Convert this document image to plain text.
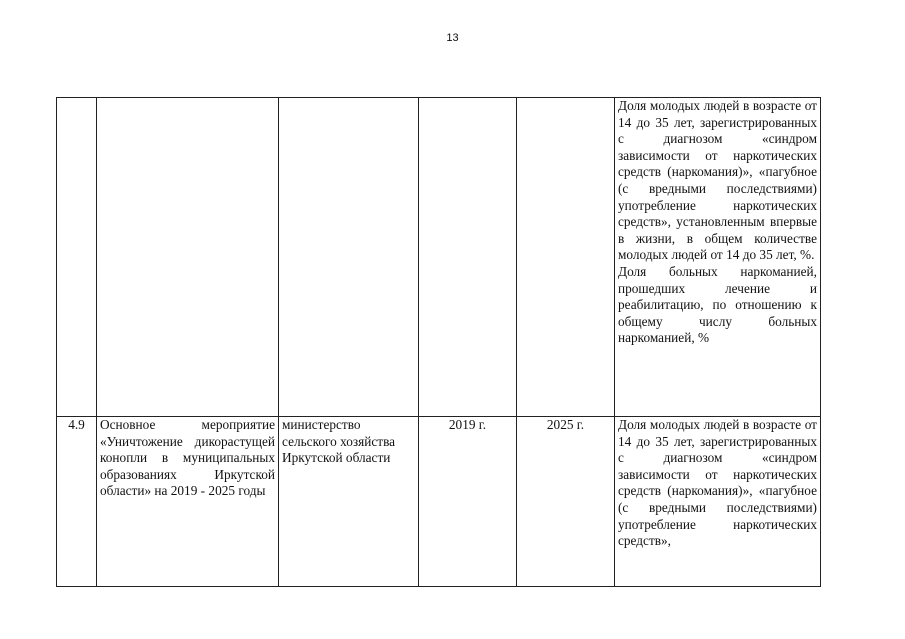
13

					Доля молодых людей в возрасте от 14 до 35 лет, зарегистрированных с диагнозом «синдром зависимости от наркотических средств (наркомания)», «пагубное (с вредными последствиями) употребление наркотических средств», установленным впервые в жизни, в общем количестве молодых людей от 14 до 35 лет, %.
Доля больных наркоманией, прошедших лечение и реабилитацию, по отношению к общему числу больных наркоманией, %

4.9	Основное мероприятие «Уничтожение дикорастущей конопли в муниципальных образованиях Иркутской области» на 2019 - 2025 годы	министерство сельского хозяйства Иркутской области	2019 г.	2025 г.	Доля молодых людей в возрасте от 14 до 35 лет, зарегистрированных с диагнозом «синдром зависимости от наркотических средств (наркомания)», «пагубное (с вредными последствиями) употребление наркотических средств»,
